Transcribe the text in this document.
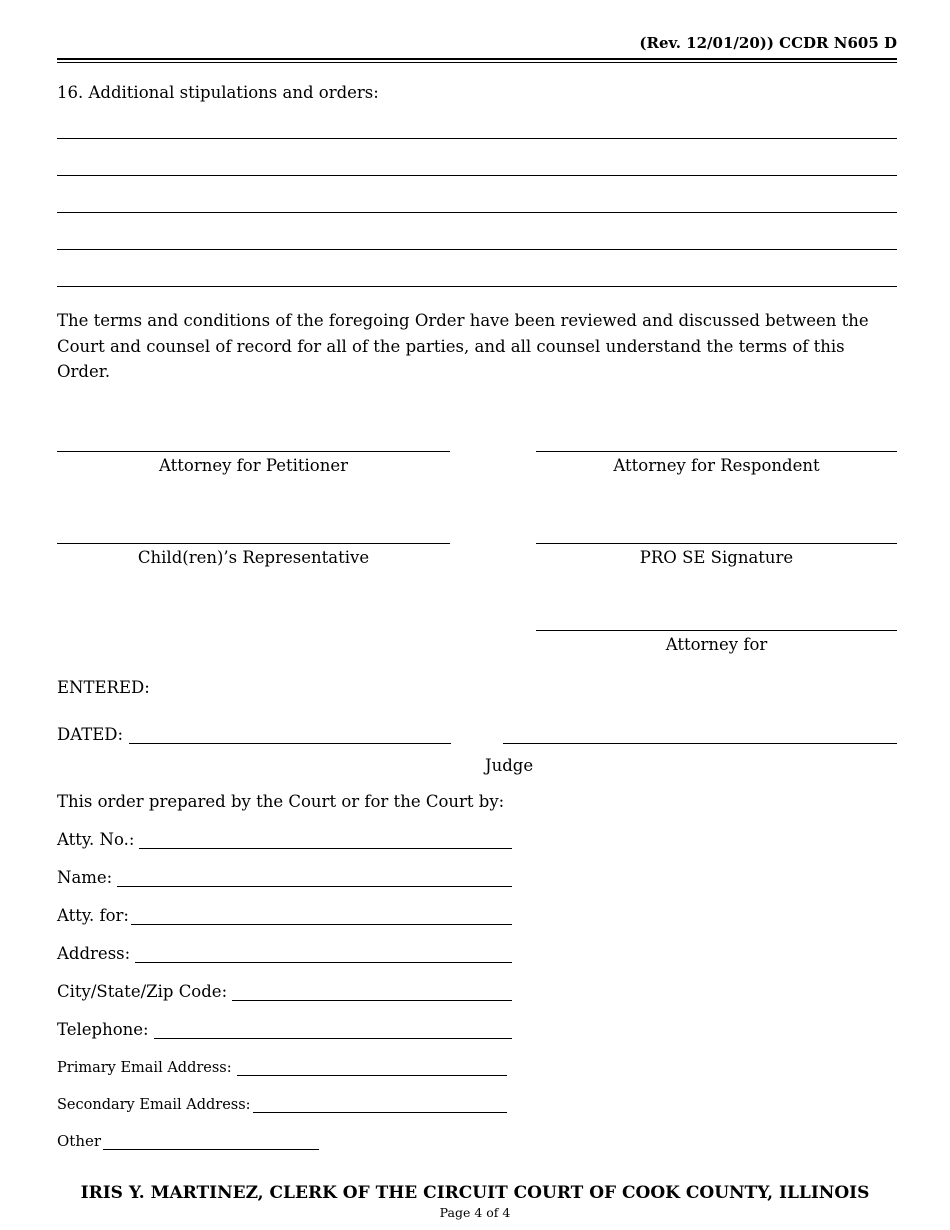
(Rev. 12/01/20)) CCDR N605 D
16. Additional stipulations and orders:
The terms and conditions of the foregoing Order have been reviewed and discussed between the Court and counsel of record for all of the parties, and all counsel understand the terms of this Order.
Attorney for Petitioner	Attorney for Respondent
Child(ren)’s Representative	PRO SE Signature
Attorney for
ENTERED:
DATED:
Judge
This order prepared by the Court or for the Court by:
Atty. No.:
Name:
Atty. for:
Address:
City/State/Zip Code:
Telephone:
Primary Email Address:
Secondary Email Address:
Other
IRIS Y. MARTINEZ, CLERK OF THE CIRCUIT COURT OF COOK COUNTY, ILLINOIS
Page 4 of 4
